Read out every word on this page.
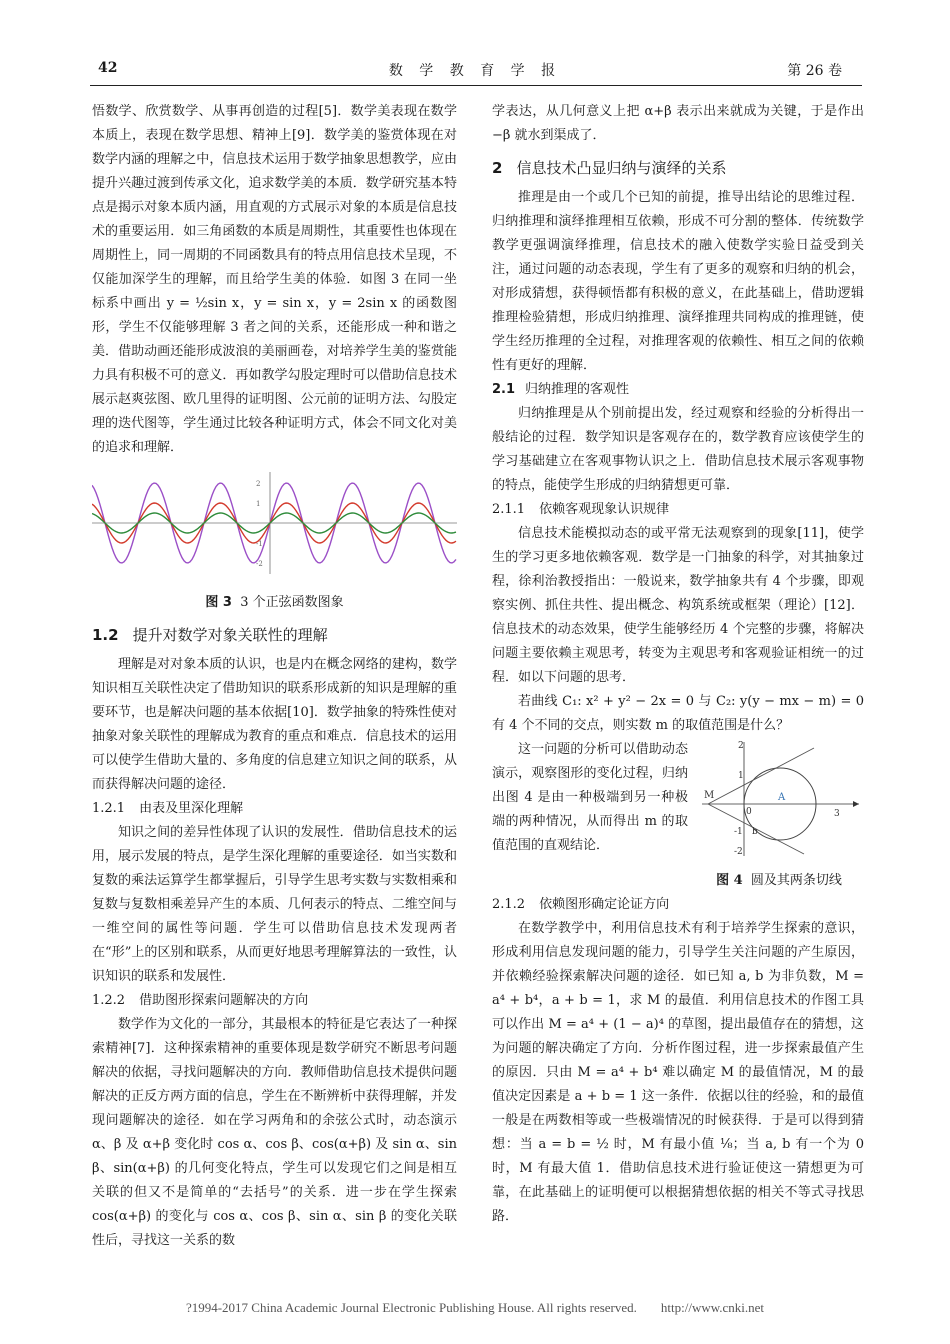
42	数 学 教 育 学 报	第 26 卷

悟数学、欣赏数学、从事再创造的过程[5]．数学美表现在数学本质上，表现在数学思想、精神上[9]．数学美的鉴赏体现在对数学内涵的理解之中，信息技术运用于数学抽象思想教学，应由提升兴趣过渡到传承文化，追求数学美的本质．数学研究基本特点是揭示对象本质内涵，用直观的方式展示对象的本质是信息技术的重要运用．如三角函数的本质是周期性，其重要性也体现在周期性上，同一周期的不同函数具有的特点用信息技术呈现，不仅能加深学生的理解，而且给学生美的体验．如图 3 在同一坐标系中画出 y = ½sin x，y = sin x，y = 2sin x 的函数图形，学生不仅能够理解 3 者之间的关系，还能形成一种和谐之美．借助动画还能形成波浪的美丽画卷，对培养学生美的鉴赏能力具有积极不可的意义．再如教学勾股定理时可以借助信息技术展示赵爽弦图、欧几里得的证明图、公元前的证明方法、勾股定理的迭代图等，学生通过比较各种证明方式，体会不同文化对美的追求和理解．

2
1
-1
-2
图 3 3 个正弦函数图象
1.2 提升对数学对象关联性的理解

理解是对对象本质的认识，也是内在概念网络的建构，数学知识相互关联性决定了借助知识的联系形成新的知识是理解的重要环节，也是解决问题的基本依据[10]．数学抽象的特殊性使对抽象对象关联性的理解成为教育的重点和难点．信息技术的运用可以使学生借助大量的、多角度的信息建立知识之间的联系，从而获得解决问题的途径．

1.2.1 由表及里深化理解

知识之间的差异性体现了认识的发展性．借助信息技术的运用，展示发展的特点，是学生深化理解的重要途径．如当实数和复数的乘法运算学生都掌握后，引导学生思考实数与实数相乘和复数与复数相乘差异产生的本质、几何表示的特点、二维空间与一维空间的属性等问题．学生可以借助信息技术发现两者在“形”上的区别和联系，从而更好地思考理解算法的一致性，认识知识的联系和发展性．

1.2.2 借助图形探索问题解决的方向

数学作为文化的一部分，其最根本的特征是它表达了一种探索精神[7]．这种探索精神的重要体现是数学研究不断思考问题解决的依据，寻找问题解决的方向．教师借助信息技术提供问题解决的正反方两方面的信息，学生在不断辨析中获得理解，并发现问题解决的途径．如在学习两角和的余弦公式时，动态演示 α、β 及 α+β 变化时 cos α、cos β、cos(α+β) 及 sin α、sin β、sin(α+β) 的几何变化特点，学生可以发现它们之间是相互关联的但又不是简单的“去括号”的关系．进一步在学生探索 cos(α+β) 的变化与 cos α、cos β、sin α、sin β 的变化关联性后，寻找这一关系的数

学表达，从几何意义上把 α+β 表示出来就成为关键，于是作出 −β 就水到渠成了．

2 信息技术凸显归纳与演绎的关系

推理是由一个或几个已知的前提，推导出结论的思维过程．归纳推理和演绎推理相互依赖，形成不可分割的整体．传统数学教学更强调演绎推理，信息技术的融入使数学实验日益受到关注，通过问题的动态表现，学生有了更多的观察和归纳的机会，对形成猜想，获得顿悟都有积极的意义，在此基础上，借助逻辑推理检验猜想，形成归纳推理、演绎推理共同构成的推理链，使学生经历推理的全过程，对推理客观的依赖性、相互之间的依赖性有更好的理解．

2.1 归纳推理的客观性

归纳推理是从个别前提出发，经过观察和经验的分析得出一般结论的过程．数学知识是客观存在的，数学教育应该使学生的学习基础建立在客观事物认识之上．借助信息技术展示客观事物的特点，能使学生形成的归纳猜想更可靠．

2.1.1 依赖客观现象认识规律

信息技术能模拟动态的或平常无法观察到的现象[11]，使学生的学习更多地依赖客观．数学是一门抽象的科学，对其抽象过程，徐利治教授指出：一般说来，数学抽象共有 4 个步骤，即观察实例、抓住共性、提出概念、构筑系统或框架（理论）[12]．信息技术的动态效果，使学生能够经历 4 个完整的步骤，将解决问题主要依赖主观思考，转变为主观思考和客观验证相统一的过程．如以下问题的思考．

若曲线 C₁: x² + y² − 2x = 0 与 C₂: y(y − mx − m) = 0 有 4 个不同的交点，则实数 m 的取值范围是什么？

这一问题的分析可以借助动态演示，观察图形的变化过程，归纳出图 4 是由一种极端到另一种极端的两种情况，从而得出 m 的取值范围的直观结论．

2
1
-1
-2
3
M	A
b
0
图 4 圆及其两条切线
2.1.2 依赖图形确定论证方向

在数学教学中，利用信息技术有利于培养学生探索的意识，形成利用信息发现问题的能力，引导学生关注问题的产生原因，并依赖经验探索解决问题的途径．如已知 a, b 为非负数，M = a⁴ + b⁴，a + b = 1，求 M 的最值．利用信息技术的作图工具可以作出 M = a⁴ + (1 − a)⁴ 的草图，提出最值存在的猜想，这为问题的解决确定了方向．分析作图过程，进一步探索最值产生的原因．只由 M = a⁴ + b⁴ 难以确定 M 的最值情况，M 的最值决定因素是 a + b = 1 这一条件．依据以往的经验，和的最值一般是在两数相等或一些极端情况的时候获得．于是可以得到猜想：当 a = b = ½ 时，M 有最小值 ⅛；当 a, b 有一个为 0 时，M 有最大值 1．借助信息技术进行验证使这一猜想更为可靠，在此基础上的证明便可以根据猜想依据的相关不等式寻找思路．

?1994-2017 China Academic Journal Electronic Publishing House. All rights reserved. http://www.cnki.net
